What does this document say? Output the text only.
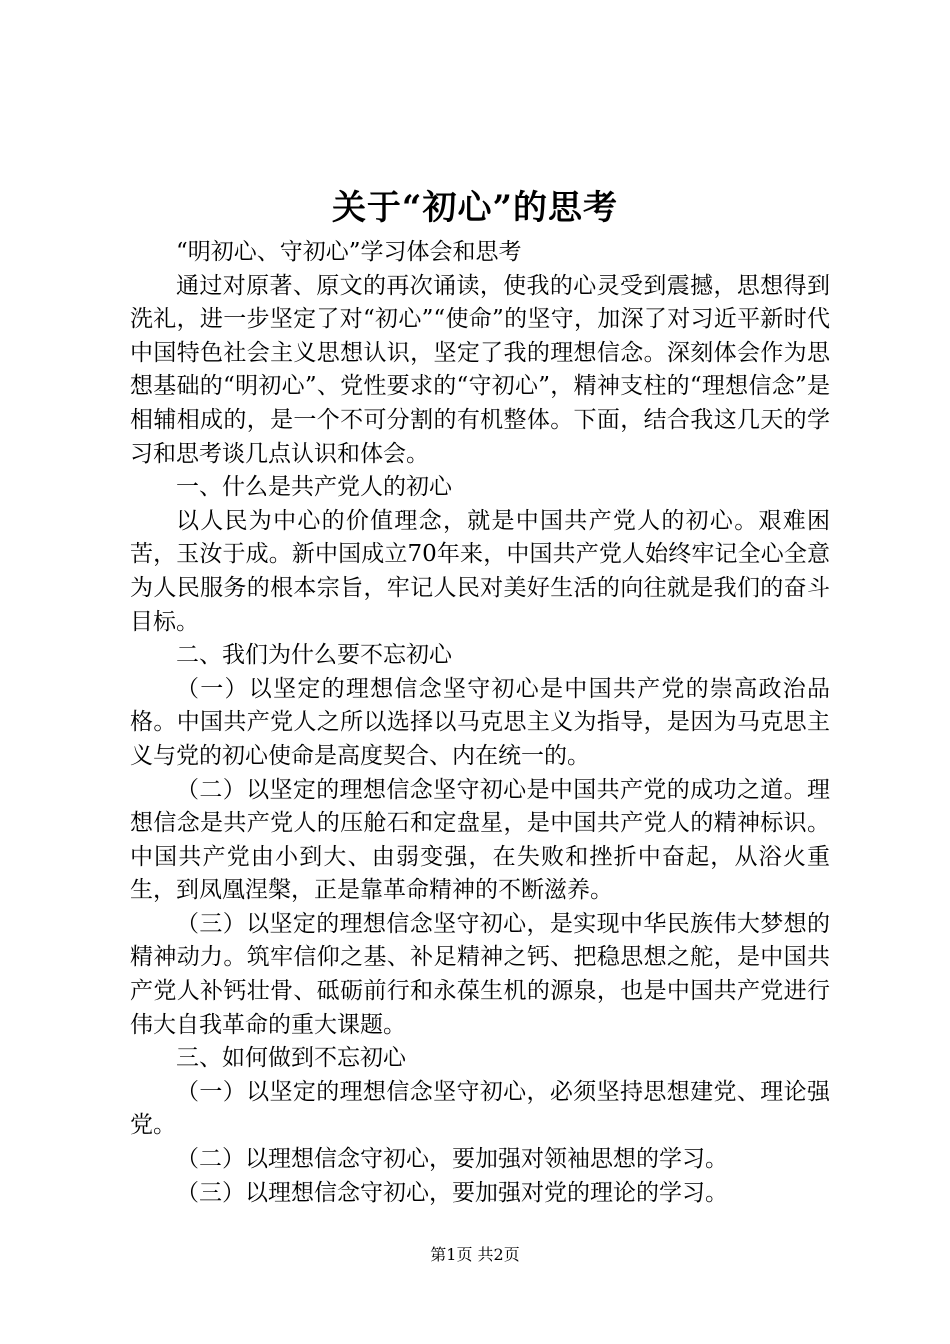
关于“初心”的思考

“明初心、守初心”学习体会和思考

通过对原著、原文的再次诵读，使我的心灵受到震撼，思想得到洗礼，进一步坚定了对“初心”“使命”的坚守，加深了对习近平新时代中国特色社会主义思想认识，坚定了我的理想信念。深刻体会作为思想基础的“明初心”、党性要求的“守初心”，精神支柱的“理想信念”是相辅相成的，是一个不可分割的有机整体。下面，结合我这几天的学习和思考谈几点认识和体会。

一、什么是共产党人的初心

以人民为中心的价值理念，就是中国共产党人的初心。艰难困苦，玉汝于成。新中国成立70年来，中国共产党人始终牢记全心全意为人民服务的根本宗旨，牢记人民对美好生活的向往就是我们的奋斗目标。

二、我们为什么要不忘初心

（一）以坚定的理想信念坚守初心是中国共产党的崇高政治品格。中国共产党人之所以选择以马克思主义为指导，是因为马克思主义与党的初心使命是高度契合、内在统一的。

（二）以坚定的理想信念坚守初心是中国共产党的成功之道。理想信念是共产党人的压舱石和定盘星，是中国共产党人的精神标识。中国共产党由小到大、由弱变强，在失败和挫折中奋起，从浴火重生，到凤凰涅槃，正是靠革命精神的不断滋养。

（三）以坚定的理想信念坚守初心，是实现中华民族伟大梦想的精神动力。筑牢信仰之基、补足精神之钙、把稳思想之舵，是中国共产党人补钙壮骨、砥砺前行和永葆生机的源泉，也是中国共产党进行伟大自我革命的重大课题。

三、如何做到不忘初心

（一）以坚定的理想信念坚守初心，必须坚持思想建党、理论强党。

（二）以理想信念守初心，要加强对领袖思想的学习。

（三）以理想信念守初心，要加强对党的理论的学习。

第1页 共2页
